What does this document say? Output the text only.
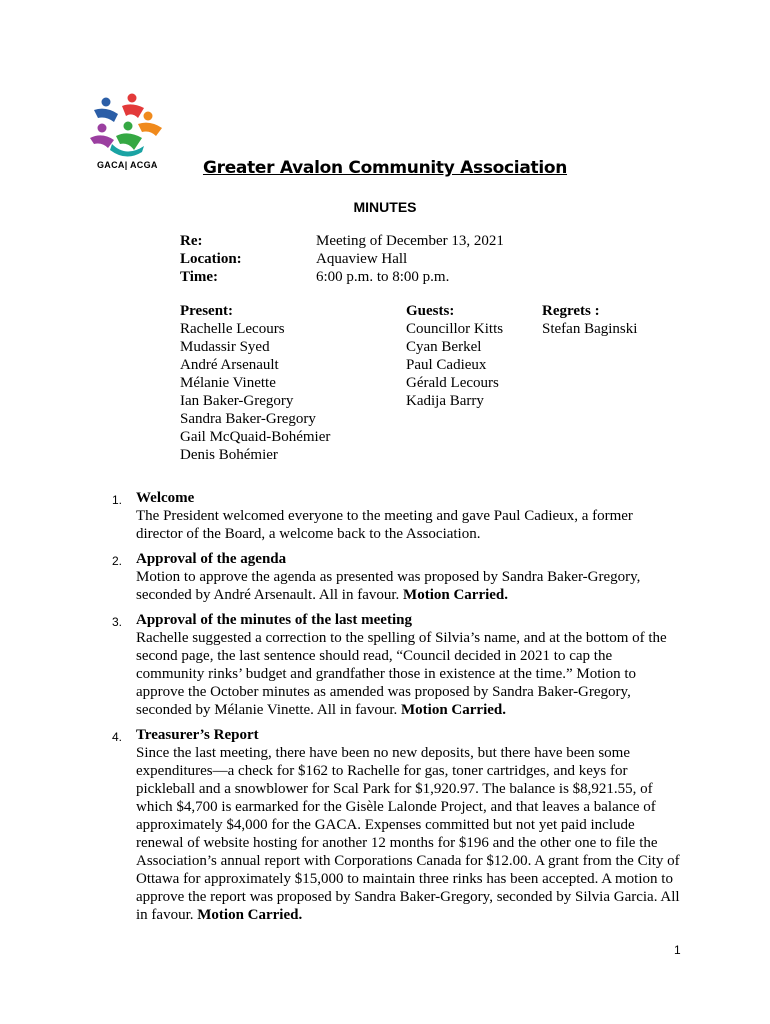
GACA| ACGA	Greater Avalon Community Association
MINUTES
Re:	Meeting of December 13, 2021
Location:	Aquaview Hall
Time:	6:00 p.m. to 8:00 p.m.
Present:
Rachelle Lecours
Mudassir Syed
André Arsenault
Mélanie Vinette
Ian Baker-Gregory
Sandra Baker-Gregory
Gail McQuaid-Bohémier
Denis Bohémier
Guests:
Councillor Kitts
Cyan Berkel
Paul Cadieux
Gérald Lecours
Kadija Barry
Regrets :
Stefan Baginski
1. Welcome
The President welcomed everyone to the meeting and gave Paul Cadieux, a former director of the Board, a welcome back to the Association.
2. Approval of the agenda
Motion to approve the agenda as presented was proposed by Sandra Baker-Gregory, seconded by André Arsenault. All in favour. Motion Carried.
3. Approval of the minutes of the last meeting
Rachelle suggested a correction to the spelling of Silvia’s name, and at the bottom of the second page, the last sentence should read, “Council decided in 2021 to cap the community rinks’ budget and grandfather those in existence at the time.” Motion to approve the October minutes as amended was proposed by Sandra Baker-Gregory, seconded by Mélanie Vinette. All in favour. Motion Carried.
4. Treasurer’s Report
Since the last meeting, there have been no new deposits, but there have been some expenditures—a check for $162 to Rachelle for gas, toner cartridges, and keys for pickleball and a snowblower for Scal Park for $1,920.97. The balance is $8,921.55, of which $4,700 is earmarked for the Gisèle Lalonde Project, and that leaves a balance of approximately $4,000 for the GACA. Expenses committed but not yet paid include renewal of website hosting for another 12 months for $196 and the other one to file the Association’s annual report with Corporations Canada for $12.00. A grant from the City of Ottawa for approximately $15,000 to maintain three rinks has been accepted. A motion to approve the report was proposed by Sandra Baker-Gregory, seconded by Silvia Garcia. All in favour. Motion Carried.
1
